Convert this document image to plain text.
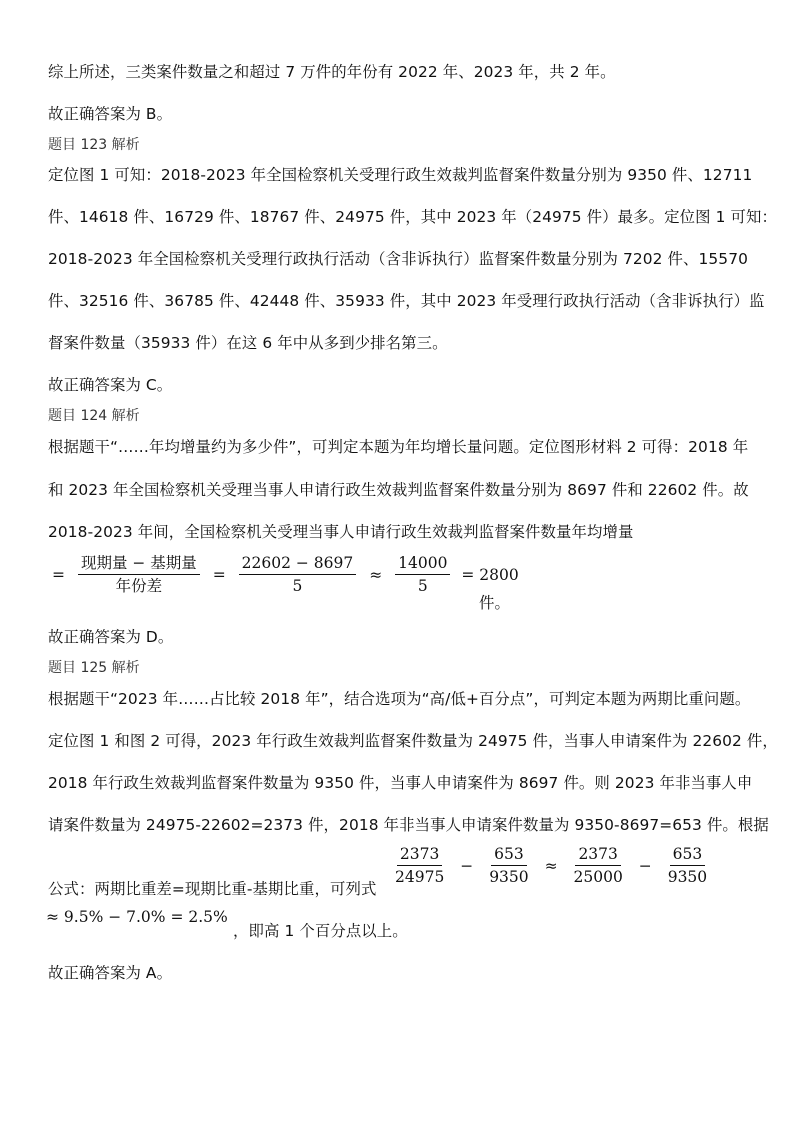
综上所述，三类案件数量之和超过 7 万件的年份有 2022 年、2023 年，共 2 年。

故正确答案为 B。

题目 123 解析

定位图 1 可知：2018-2023 年全国检察机关受理行政生效裁判监督案件数量分别为 9350 件、12711

件、14618 件、16729 件、18767 件、24975 件，其中 2023 年（24975 件）最多。定位图 1 可知：

2018-2023 年全国检察机关受理行政执行活动（含非诉执行）监督案件数量分别为 7202 件、15570

件、32516 件、36785 件、42448 件、35933 件，其中 2023 年受理行政执行活动（含非诉执行）监

督案件数量（35933 件）在这 6 年中从多到少排名第三。

故正确答案为 C。

题目 124 解析

根据题干“……年均增量约为多少件”，可判定本题为年均增长量问题。定位图形材料 2 可得：2018 年

和 2023 年全国检察机关受理当事人申请行政生效裁判监督案件数量分别为 8697 件和 22602 件。故

2018-2023 年间，全国检察机关受理当事人申请行政生效裁判监督案件数量年均增量

= $\frac{\text{现期量 − 基期量}}{\text{年份差}} = \frac{22602 - 8697}{5} \approx \frac{14000}{5} = 2800$

件。

故正确答案为 D。

题目 125 解析

根据题干“2023 年……占比较 2018 年”，结合选项为“高/低+百分点”，可判定本题为两期比重问题。

定位图 1 和图 2 可得，2023 年行政生效裁判监督案件数量为 24975 件，当事人申请案件为 22602 件，

2018 年行政生效裁判监督案件数量为 9350 件，当事人申请案件为 8697 件。则 2023 年非当事人申

请案件数量为 24975-22602=2373 件，2018 年非当事人申请案件数量为 9350-8697=653 件。根据

$\frac{2373}{24975} - \frac{653}{9350} \approx \frac{2373}{25000} - \frac{653}{9350}$

公式：两期比重差=现期比重-基期比重，可列式

≈ 9.5% − 7.0% = 2.5%

，即高 1 个百分点以上。

故正确答案为 A。
